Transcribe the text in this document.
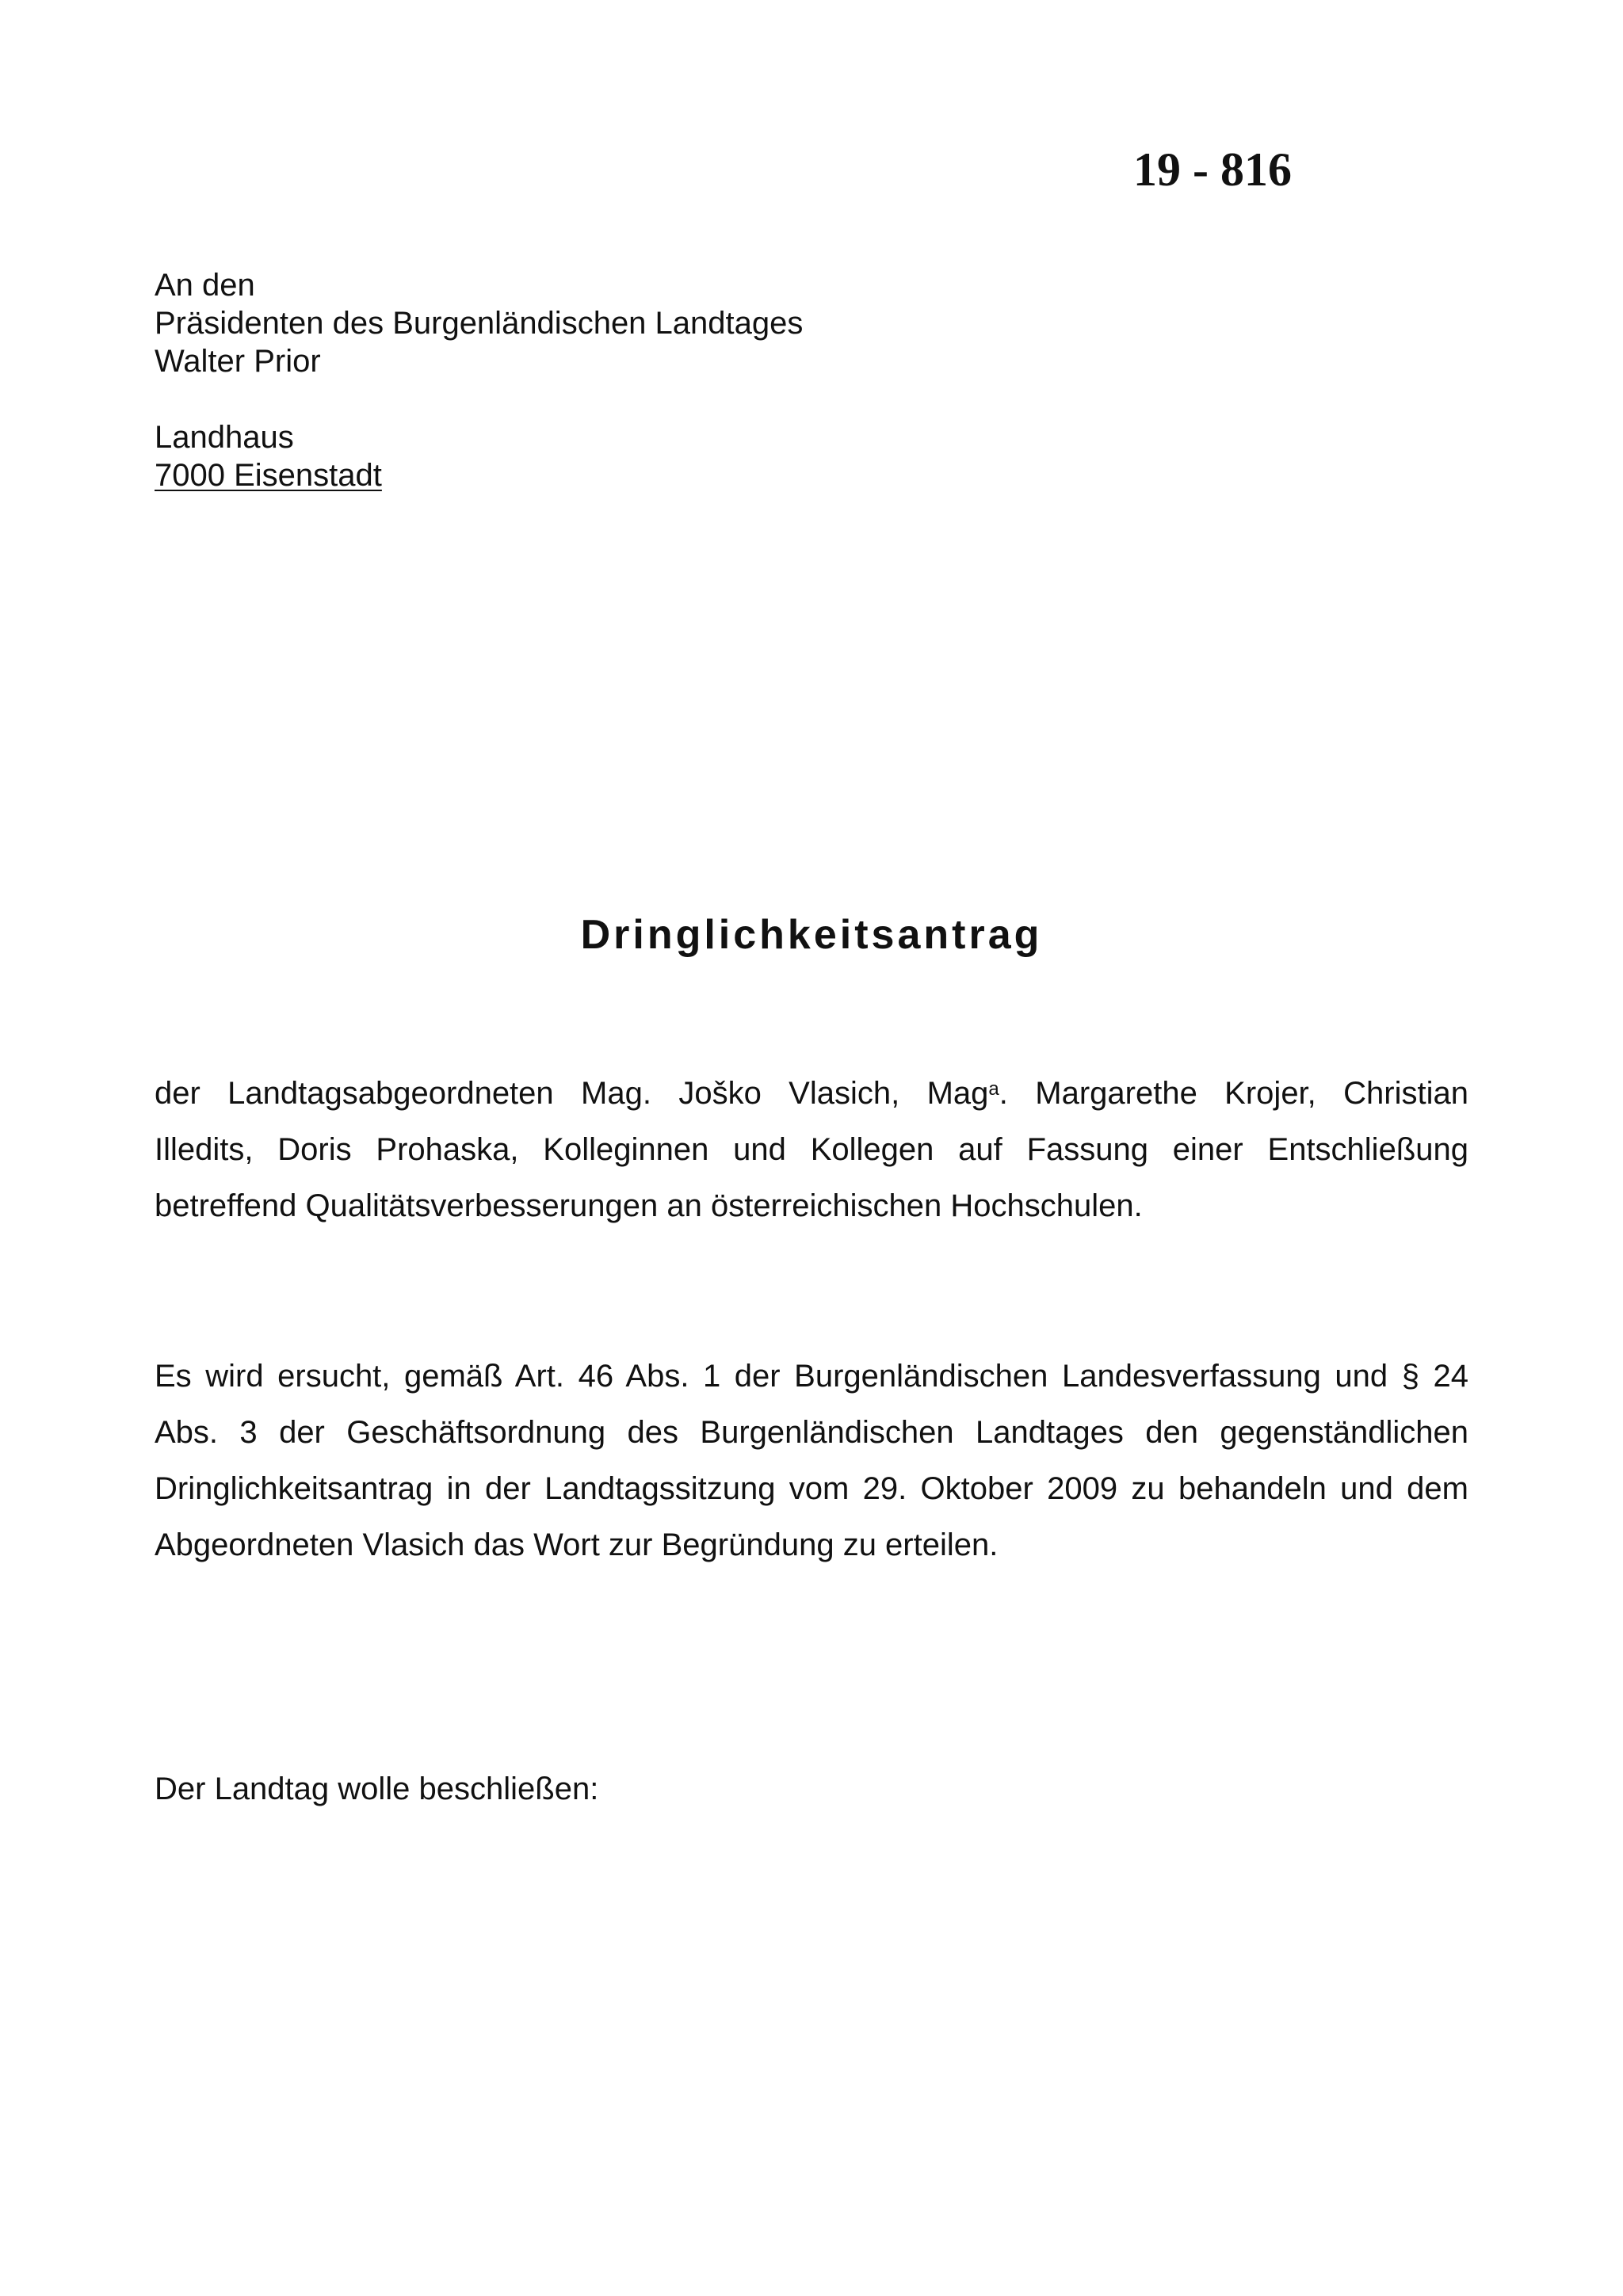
19 - 816
An den
Präsidenten des Burgenländischen Landtages
Walter Prior
Landhaus
7000 Eisenstadt
Dringlichkeitsantrag
der Landtagsabgeordneten Mag. Joško Vlasich, Mag$^a$. Margarethe Krojer, Christian
Illedits, Doris Prohaska, Kolleginnen und Kollegen auf Fassung einer Entschließung
betreffend Qualitätsverbesserungen an österreichischen Hochschulen.
Es wird ersucht, gemäß Art. 46 Abs. 1 der Burgenländischen Landesverfassung und § 24
Abs. 3 der Geschäftsordnung des Burgenländischen Landtages den gegenständlichen
Dringlichkeitsantrag in der Landtagssitzung vom 29. Oktober 2009 zu behandeln und dem
Abgeordneten Vlasich das Wort zur Begründung zu erteilen.
Der Landtag wolle beschließen:
